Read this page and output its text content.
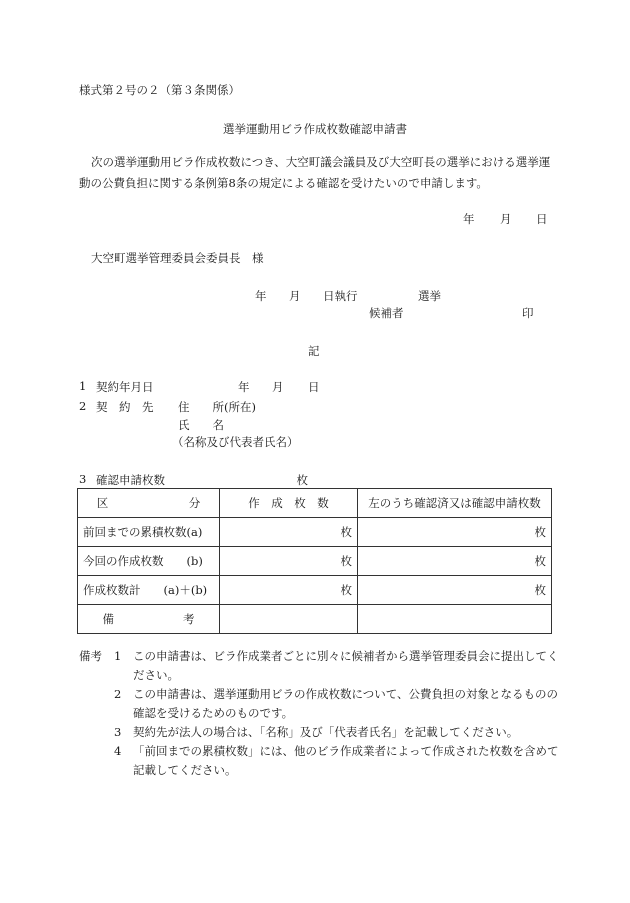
様式第２号の２（第３条関係）
選挙運動用ビラ作成枚数確認申請書
次の選挙運動用ビラ作成枚数につき、大空町議会議員及び大空町長の選挙における選挙運動の公費負担に関する条例第8条の規定による確認を受けたいので申請します。
年 月 日
大空町選挙管理委員会委員長　様
年 月 日執行	選挙
候補者	印
記
1 契約年月日	年 月 日
2 契　約　先 住　　所(所在)
氏　　名
（名称及び代表者氏名）
3 確認申請枚数	枚
区　　　　　　　分	作　成　枚　数	左のうち確認済又は確認申請枚数
前回までの累積枚数(a)	枚	枚
今回の作成枚数　　(b)	枚	枚
作成枚数計　　(a)＋(b)	枚	枚
備　　　　　　考		
備考	1	この申請書は、ビラ作成業者ごとに別々に候補者から選挙管理委員会に提出してください。
2	この申請書は、選挙運動用ビラの作成枚数について、公費負担の対象となるものの確認を受けるためのものです。
3	契約先が法人の場合は、「名称」及び「代表者氏名」を記載してください。
4	「前回までの累積枚数」には、他のビラ作成業者によって作成された枚数を含めて記載してください。
